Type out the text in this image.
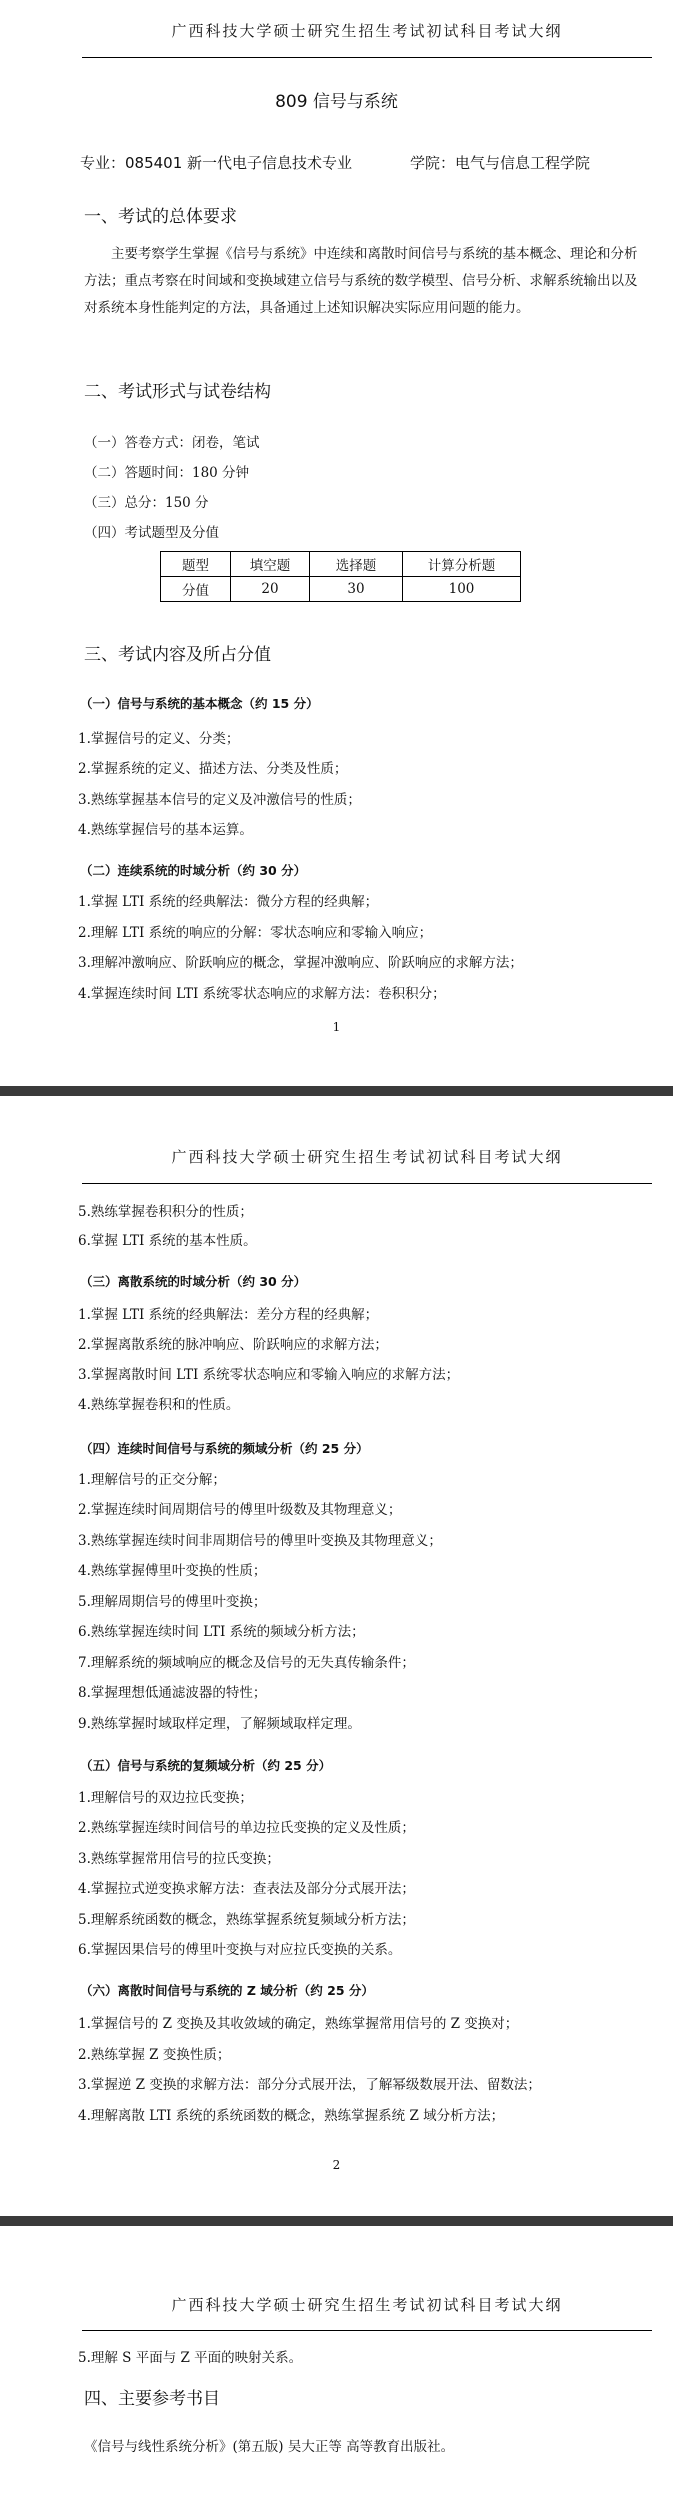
广西科技大学硕士研究生招生考试初试科目考试大纲
809 信号与系统
专业：085401 新一代电子信息技术专业	学院：电气与信息工程学院
一、考试的总体要求
主要考察学生掌握《信号与系统》中连续和离散时间信号与系统的基本概念、理论和分析方法；重点考察在时间域和变换域建立信号与系统的数学模型、信号分析、求解系统输出以及对系统本身性能判定的方法，具备通过上述知识解决实际应用问题的能力。
二、考试形式与试卷结构
（一）答卷方式：闭卷，笔试
（二）答题时间：180 分钟
（三）总分：150 分
（四）考试题型及分值
题型	填空题	选择题	计算分析题
分值	20	30	100
三、考试内容及所占分值
（一）信号与系统的基本概念（约 15 分）
1.掌握信号的定义、分类；
2.掌握系统的定义、描述方法、分类及性质；
3.熟练掌握基本信号的定义及冲激信号的性质；
4.熟练掌握信号的基本运算。
（二）连续系统的时域分析（约 30 分）
1.掌握 LTI 系统的经典解法：微分方程的经典解；
2.理解 LTI 系统的响应的分解：零状态响应和零输入响应；
3.理解冲激响应、阶跃响应的概念，掌握冲激响应、阶跃响应的求解方法；
4.掌握连续时间 LTI 系统零状态响应的求解方法：卷积积分；
1
广西科技大学硕士研究生招生考试初试科目考试大纲
5.熟练掌握卷积积分的性质；
6.掌握 LTI 系统的基本性质。
（三）离散系统的时域分析（约 30 分）
1.掌握 LTI 系统的经典解法：差分方程的经典解；
2.掌握离散系统的脉冲响应、阶跃响应的求解方法；
3.掌握离散时间 LTI 系统零状态响应和零输入响应的求解方法；
4.熟练掌握卷积和的性质。
（四）连续时间信号与系统的频域分析（约 25 分）
1.理解信号的正交分解；
2.掌握连续时间周期信号的傅里叶级数及其物理意义；
3.熟练掌握连续时间非周期信号的傅里叶变换及其物理意义；
4.熟练掌握傅里叶变换的性质；
5.理解周期信号的傅里叶变换；
6.熟练掌握连续时间 LTI 系统的频域分析方法；
7.理解系统的频域响应的概念及信号的无失真传输条件；
8.掌握理想低通滤波器的特性；
9.熟练掌握时域取样定理，了解频域取样定理。
（五）信号与系统的复频域分析（约 25 分）
1.理解信号的双边拉氏变换；
2.熟练掌握连续时间信号的单边拉氏变换的定义及性质；
3.熟练掌握常用信号的拉氏变换；
4.掌握拉式逆变换求解方法：查表法及部分分式展开法；
5.理解系统函数的概念，熟练掌握系统复频域分析方法；
6.掌握因果信号的傅里叶变换与对应拉氏变换的关系。
（六）离散时间信号与系统的 Z 域分析（约 25 分）
1.掌握信号的 Z 变换及其收敛域的确定，熟练掌握常用信号的 Z 变换对；
2.熟练掌握 Z 变换性质；
3.掌握逆 Z 变换的求解方法：部分分式展开法，了解幂级数展开法、留数法；
4.理解离散 LTI 系统的系统函数的概念，熟练掌握系统 Z 域分析方法；
2
广西科技大学硕士研究生招生考试初试科目考试大纲
5.理解 S 平面与 Z 平面的映射关系。
四、主要参考书目
《信号与线性系统分析》(第五版) 吴大正等 高等教育出版社。
